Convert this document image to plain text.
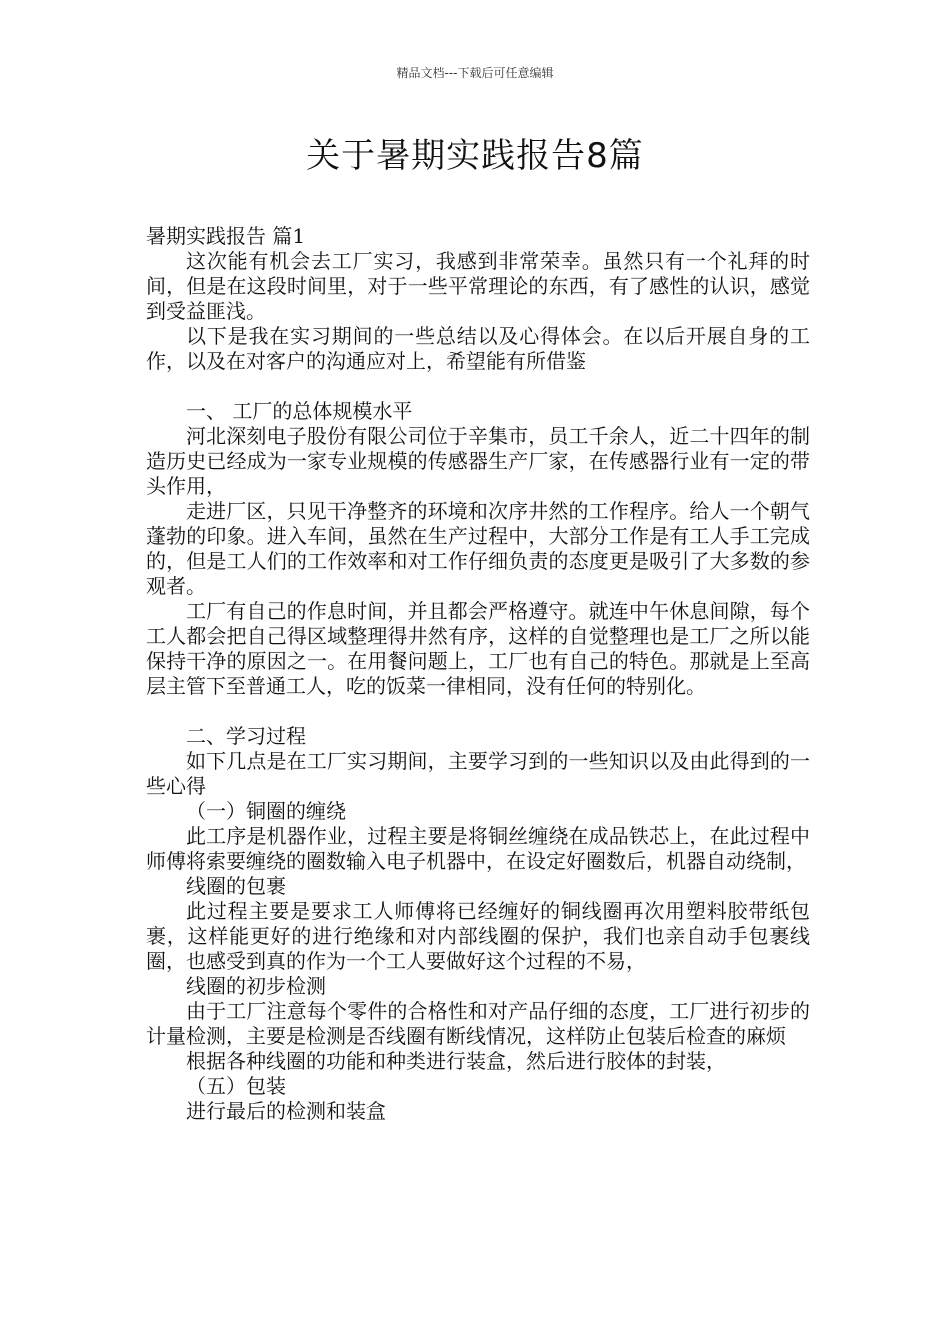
精品文档---下载后可任意编辑
关于暑期实践报告8篇

暑期实践报告 篇1

这次能有机会去工厂实习，我感到非常荣幸。虽然只有一个礼拜的时间，但是在这段时间里，对于一些平常理论的东西，有了感性的认识，感觉到受益匪浅。

以下是我在实习期间的一些总结以及心得体会。在以后开展自身的工作，以及在对客户的沟通应对上，希望能有所借鉴

一、 工厂的总体规模水平

河北深刻电子股份有限公司位于辛集市，员工千余人，近二十四年的制造历史已经成为一家专业规模的传感器生产厂家，在传感器行业有一定的带头作用，

走进厂区，只见干净整齐的环境和次序井然的工作程序。给人一个朝气蓬勃的印象。进入车间，虽然在生产过程中，大部分工作是有工人手工完成的，但是工人们的工作效率和对工作仔细负责的态度更是吸引了大多数的参观者。

工厂有自己的作息时间，并且都会严格遵守。就连中午休息间隙，每个工人都会把自己得区域整理得井然有序，这样的自觉整理也是工厂之所以能保持干净的原因之一。在用餐问题上，工厂也有自己的特色。那就是上至高层主管下至普通工人，吃的饭菜一律相同，没有任何的特别化。

二、学习过程

如下几点是在工厂实习期间，主要学习到的一些知识以及由此得到的一些心得

（一）铜圈的缠绕

此工序是机器作业，过程主要是将铜丝缠绕在成品铁芯上，在此过程中师傅将索要缠绕的圈数输入电子机器中，在设定好圈数后，机器自动绕制，

线圈的包裹

此过程主要是要求工人师傅将已经缠好的铜线圈再次用塑料胶带纸包裹，这样能更好的进行绝缘和对内部线圈的保护，我们也亲自动手包裹线圈，也感受到真的作为一个工人要做好这个过程的不易，

线圈的初步检测

由于工厂注意每个零件的合格性和对产品仔细的态度，工厂进行初步的计量检测，主要是检测是否线圈有断线情况，这样防止包装后检查的麻烦

根据各种线圈的功能和种类进行装盒，然后进行胶体的封装，

（五）包装

进行最后的检测和装盒
